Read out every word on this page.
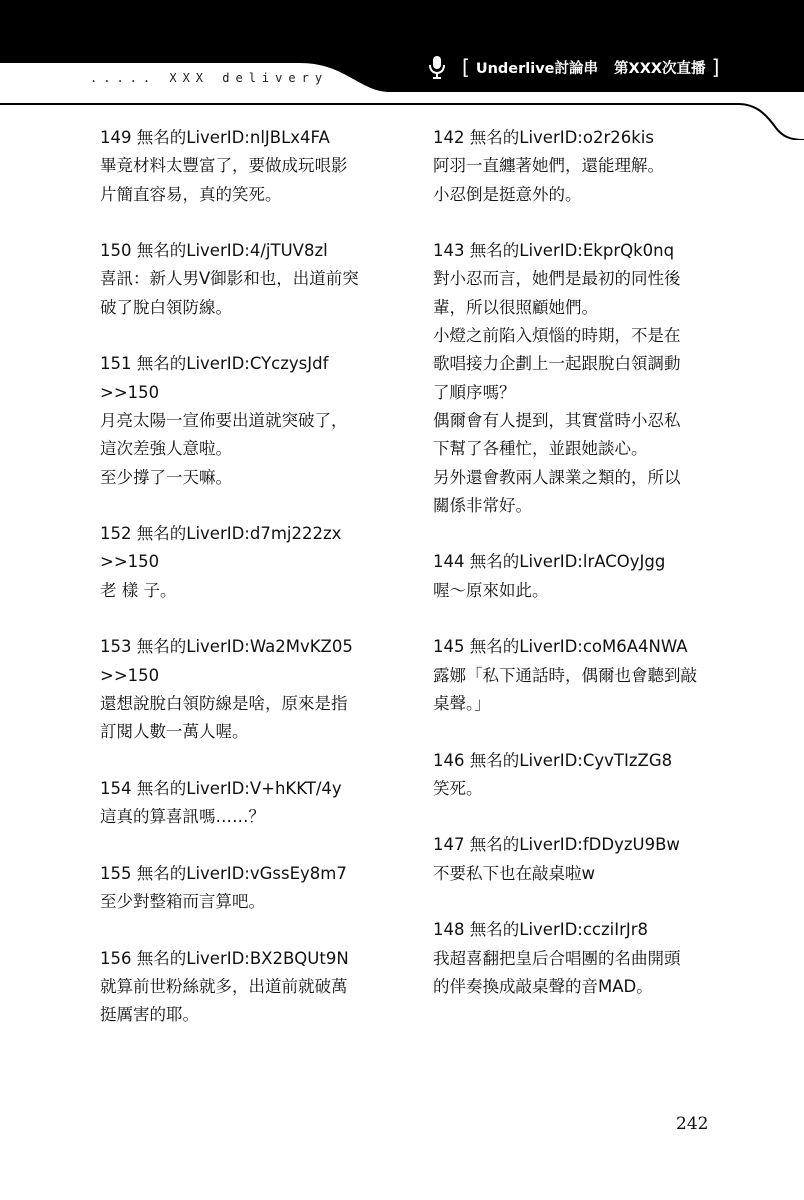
..... XXX delivery	[ Underlive討論串 第XXX次直播 ]
149 無名的LiverID:nlJBLx4FA
畢竟材料太豐富了，要做成玩哏影
片簡直容易，真的笑死。
150 無名的LiverID:4/jTUV8zl
喜訊：新人男V御影和也，出道前突
破了脫白領防線。
151 無名的LiverID:CYczysJdf
>>150
月亮太陽一宣佈要出道就突破了，
這次差強人意啦。
至少撐了一天嘛。
152 無名的LiverID:d7mj222zx
>>150
老 樣 子。
153 無名的LiverID:Wa2MvKZ05
>>150
還想說脫白領防線是啥，原來是指
訂閱人數一萬人喔。
154 無名的LiverID:V+hKKT/4y
這真的算喜訊嗎……？
155 無名的LiverID:vGssEy8m7
至少對整箱而言算吧。
156 無名的LiverID:BX2BQUt9N
就算前世粉絲就多，出道前就破萬
挺厲害的耶。
142 無名的LiverID:o2r26kis
阿羽一直纏著她們，還能理解。
小忍倒是挺意外的。
143 無名的LiverID:EkprQk0nq
對小忍而言，她們是最初的同性後
輩，所以很照顧她們。
小燈之前陷入煩惱的時期，不是在
歌唱接力企劃上一起跟脫白領調動
了順序嗎？
偶爾會有人提到，其實當時小忍私
下幫了各種忙，並跟她談心。
另外還會教兩人課業之類的，所以
關係非常好。
144 無名的LiverID:lrACOyJgg
喔～原來如此。
145 無名的LiverID:coM6A4NWA
露娜「私下通話時，偶爾也會聽到敲
桌聲。」
146 無名的LiverID:CyvTIzZG8
笑死。
147 無名的LiverID:fDDyzU9Bw
不要私下也在敲桌啦w
148 無名的LiverID:ccziIrJr8
我超喜翻把皇后合唱團的名曲開頭
的伴奏換成敲桌聲的音MAD。
242
